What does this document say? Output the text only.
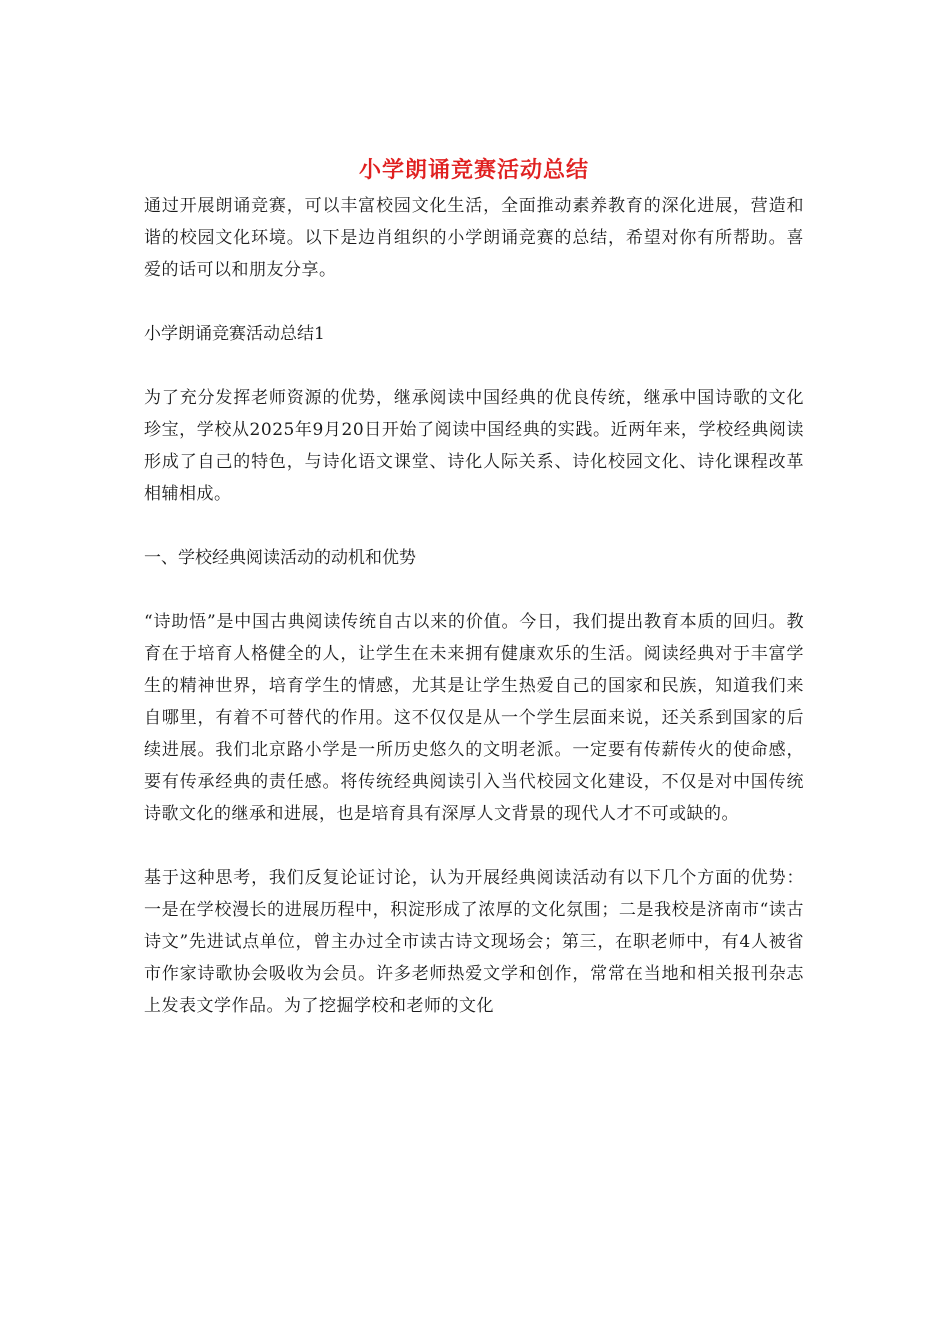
小学朗诵竞赛活动总结

通过开展朗诵竞赛，可以丰富校园文化生活，全面推动素养教育的深化进展，营造和谐的校园文化环境。以下是边肖组织的小学朗诵竞赛的总结，希望对你有所帮助。喜爱的话可以和朋友分享。

小学朗诵竞赛活动总结1

为了充分发挥老师资源的优势，继承阅读中国经典的优良传统，继承中国诗歌的文化珍宝，学校从2025年9月20日开始了阅读中国经典的实践。近两年来，学校经典阅读形成了自己的特色，与诗化语文课堂、诗化人际关系、诗化校园文化、诗化课程改革相辅相成。

一、学校经典阅读活动的动机和优势

“诗助悟”是中国古典阅读传统自古以来的价值。今日，我们提出教育本质的回归。教育在于培育人格健全的人，让学生在未来拥有健康欢乐的生活。阅读经典对于丰富学生的精神世界，培育学生的情感，尤其是让学生热爱自己的国家和民族，知道我们来自哪里，有着不可替代的作用。这不仅仅是从一个学生层面来说，还关系到国家的后续进展。我们北京路小学是一所历史悠久的文明老派。一定要有传薪传火的使命感，要有传承经典的责任感。将传统经典阅读引入当代校园文化建设，不仅是对中国传统诗歌文化的继承和进展，也是培育具有深厚人文背景的现代人才不可或缺的。

基于这种思考，我们反复论证讨论，认为开展经典阅读活动有以下几个方面的优势：一是在学校漫长的进展历程中，积淀形成了浓厚的文化氛围；二是我校是济南市“读古诗文”先进试点单位，曾主办过全市读古诗文现场会；第三，在职老师中，有4人被省市作家诗歌协会吸收为会员。许多老师热爱文学和创作，常常在当地和相关报刊杂志上发表文学作品。为了挖掘学校和老师的文化
